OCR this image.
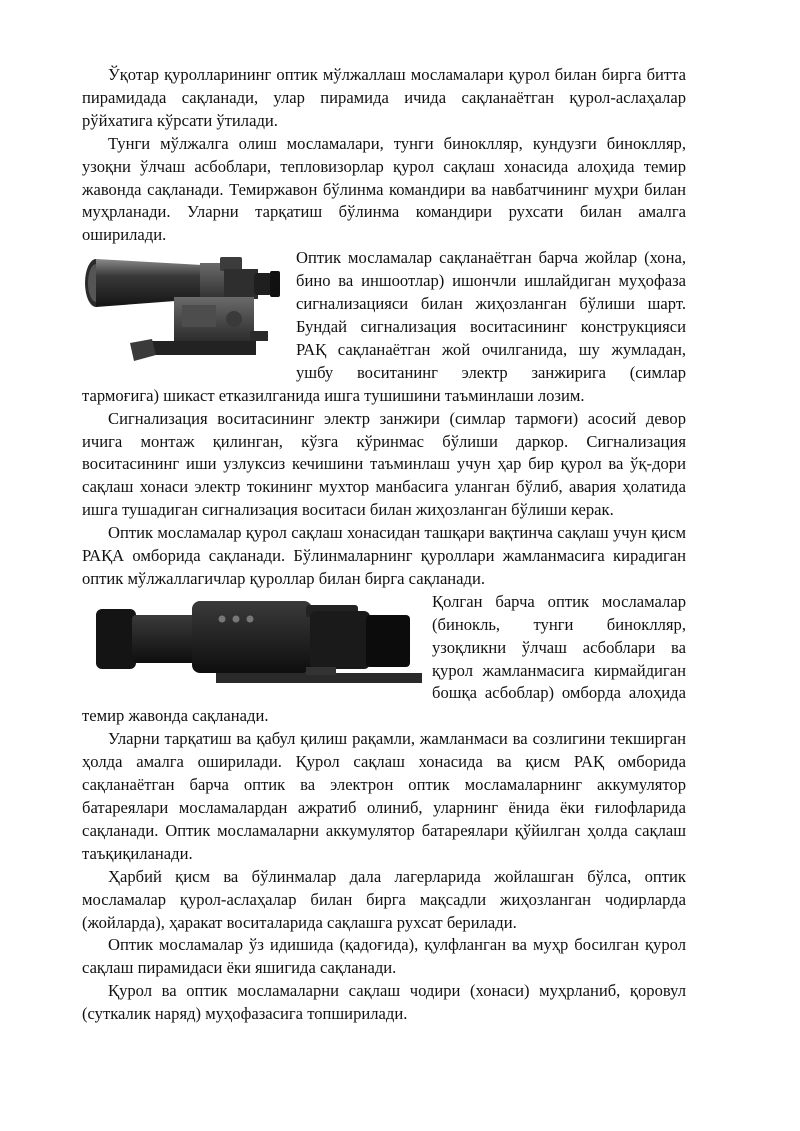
Ўқотар қуролларининг оптик мўлжаллаш мосламалари қурол билан бирга битта пирамидада сақланади, улар пирамида ичида сақланаётган қурол-аслаҳалар рўйхатига кўрсати ўтилади.

Тунги мўлжалга олиш мосламалари, тунги биноклляр, кундузги биноклляр, узоқни ўлчаш асбоблари, тепловизорлар қурол сақлаш хонасида алоҳида темир жавонда сақланади. Темиржавон бўлинма командири ва навбатчининг муҳри билан муҳрланади. Уларни тарқатиш бўлинма командири рухсати билан амалга оширилади.

Оптик мосламалар сақланаётган барча жойлар (хона, бино ва иншоотлар) ишончли ишлайдиган муҳофаза сигнализацияси билан жиҳозланган бўлиши шарт. Бундай сигнализация воситасининг конструкцияси РАҚ сақланаётган жой очилганида, шу жумладан, ушбу воситанинг электр занжирига (симлар тармоғига) шикаст етказилганида ишга тушишини таъминлаши лозим.

Сигнализация воситасининг электр занжири (симлар тармоғи) асосий девор ичига монтаж қилинган, кўзга кўринмас бўлиши даркор. Сигнализация воситасининг иши узлуксиз кечишини таъминлаш учун ҳар бир қурол ва ўқ-дори сақлаш хонаси электр токининг мухтор манбасига уланган бўлиб, авария ҳолатида ишга тушадиган сигнализация воситаси билан жиҳозланган бўлиши керак.

Оптик мосламалар қурол сақлаш хонасидан ташқари вақтинча сақлаш учун қисм РАҚА омборида сақланади. Бўлинмаларнинг қуроллари жамланмасига кирадиган оптик мўлжаллагичлар қуроллар билан бирга сақланади.

Қолган барча оптик мосламалар (бинокль, тунги биноклляр, узоқликни ўлчаш асбоблари ва қурол жамланмасига кирмайдиган бошқа асбоблар) омборда алоҳида темир жавонда сақланади.

Уларни тарқатиш ва қабул қилиш рақамли, жамланмаси ва созлигини текширган ҳолда амалга оширилади. Қурол сақлаш хонасида ва қисм РАҚ омборида сақланаётган барча оптик ва электрон оптик мосламаларнинг аккумулятор батареялари мосламалардан ажратиб олиниб, уларнинг ёнида ёки ғилофларида сақланади. Оптик мосламаларни аккумулятор батареялари қўйилган ҳолда сақлаш таъқиқиланади.

Ҳарбий қисм ва бўлинмалар дала лагерларида жойлашган бўлса, оптик мосламалар қурол-аслаҳалар билан бирга мақсадли жиҳозланган чодирларда (жойларда), ҳаракат воситаларида сақлашга рухсат берилади.

Оптик мосламалар ўз идишида (қадоғида), қулфланган ва муҳр босилган қурол сақлаш пирамидаси ёки яшигида сақланади.

Қурол ва оптик мосламаларни сақлаш чодири (хонаси) муҳрланиб, қоровул (суткалик наряд) муҳофазасига топширилади.
